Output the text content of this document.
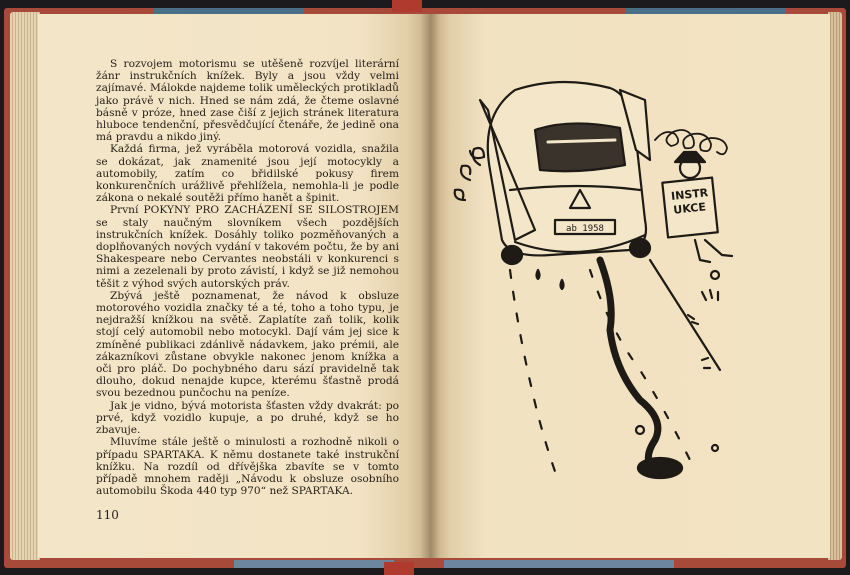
S rozvojem motorismu se utěšeně rozvíjel literární žánr instrukčních knížek. Byly a jsou vždy velmi zajímavé. Málokde najdeme tolik uměleckých protikladů jako právě v nich. Hned se nám zdá, že čteme oslavné básně v próze, hned zase čiší z jejich stránek literatura hluboce tendenční, přesvědčující čtenáře, že jedině ona má pravdu a nikdo jiný.

Každá firma, jež vyráběla motorová vozidla, snažila se dokázat, jak znamenité jsou její motocykly a automobily, zatím co břidilské pokusy firem konkurenčních urážlivě přehlížela, nemohla-li je podle zákona o nekalé soutěži přímo hanět a špinit.

První POKYNY PRO ZACHÁZENÍ SE SILOSTROJEM se staly naučným slovníkem všech pozdějších instrukčních knížek. Dosáhly toliko pozměňovaných a doplňovaných nových vydání v takovém počtu, že by ani Shakespeare nebo Cervantes neobstáli v konkurenci s nimi a zezelenali by proto závistí, i když se již nemohou těšit z výhod svých autorských práv.

Zbývá ještě poznamenat, že návod k obsluze motorového vozidla značky té a té, toho a toho typu, je nejdražší knížkou na světě. Zaplatíte zaň tolik, kolik stojí celý automobil nebo motocykl. Dají vám jej sice k zmíněné publikaci zdánlivě nádavkem, jako prémii, ale zákazníkovi zůstane obvykle nakonec jenom knížka a oči pro pláč. Do pochybného daru sází pravidelně tak dlouho, dokud nenajde kupce, kterému šťastně prodá svou bezednou punčochu na peníze.

Jak je vidno, bývá motorista šťasten vždy dvakrát: po prvé, když vozidlo kupuje, a po druhé, když se ho zbavuje.

Mluvíme stále ještě o minulosti a rozhodně nikoli o případu SPARTAKA. K němu dostanete také instrukční knížku. Na rozdíl od dřívějška zbavíte se v tomto případě mnohem raději „Návodu k obsluze osobního automobilu Škoda 440 typ 970“ než SPARTAKA.

110
ab 1958
INSTR
UKCE
